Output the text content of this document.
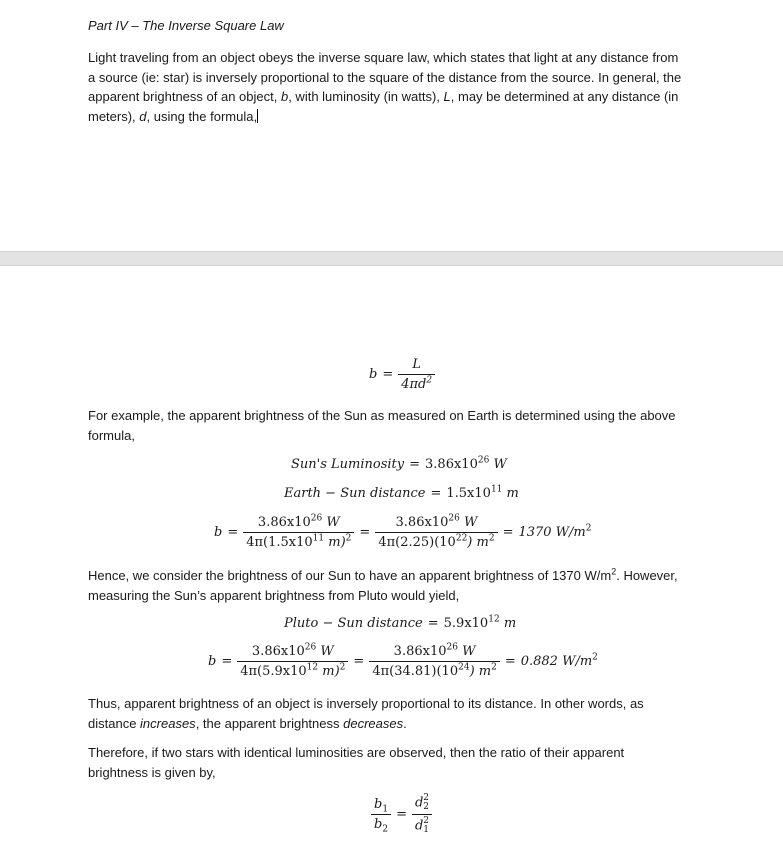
Part IV – The Inverse Square Law
Light traveling from an object obeys the inverse square law, which states that light at any distance from
a source (ie: star) is inversely proportional to the square of the distance from the source. In general, the
apparent brightness of an object, b, with luminosity (in watts), L, may be determined at any distance (in
meters), d, using the formula,
$b = \frac{L}{4\pi d^2}$
For example, the apparent brightness of the Sun as measured on Earth is determined using the above
formula,
Sun's Luminosity = $3.86x10^{26}$ W
Earth − Sun distance = $1.5x10^{11}$ m
$b = \frac{3.86x10^{26} W}{4\pi(1.5x10^{11} m)^2} = \frac{3.86x10^{26} W}{4\pi(2.25)(10^{22}) m^2} = 1370$ $W/m^2$
Hence, we consider the brightness of our Sun to have an apparent brightness of 1370 $W/m^2$. However,
measuring the Sun’s apparent brightness from Pluto would yield,
Pluto − Sun distance = $5.9x10^{12}$ m
$b = \frac{3.86x10^{26} W}{4\pi(5.9x10^{12} m)^2} = \frac{3.86x10^{26} W}{4\pi(34.81)(10^{24}) m^2} = 0.882$ $W/m^2$
Thus, apparent brightness of an object is inversely proportional to its distance. In other words, as
distance increases, the apparent brightness decreases.
Therefore, if two stars with identical luminosities are observed, then the ratio of their apparent
brightness is given by,
$\frac{b_1}{b_2} = d$ 2
2
d 2
1
